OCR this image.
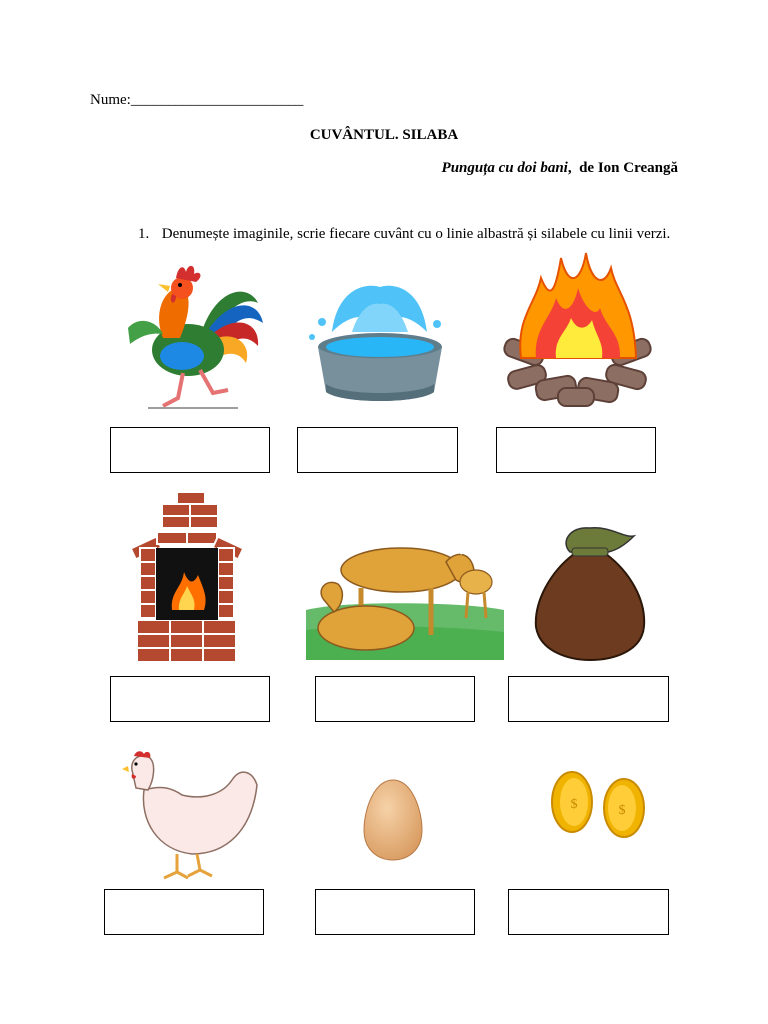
Nume:_______________________
CUVÂNTUL. SILABA
Punguța cu doi bani, de Ion Creangă
1. Denumește imaginile, scrie fiecare cuvânt cu o linie albastră și silabele cu linii verzi.
$	$
